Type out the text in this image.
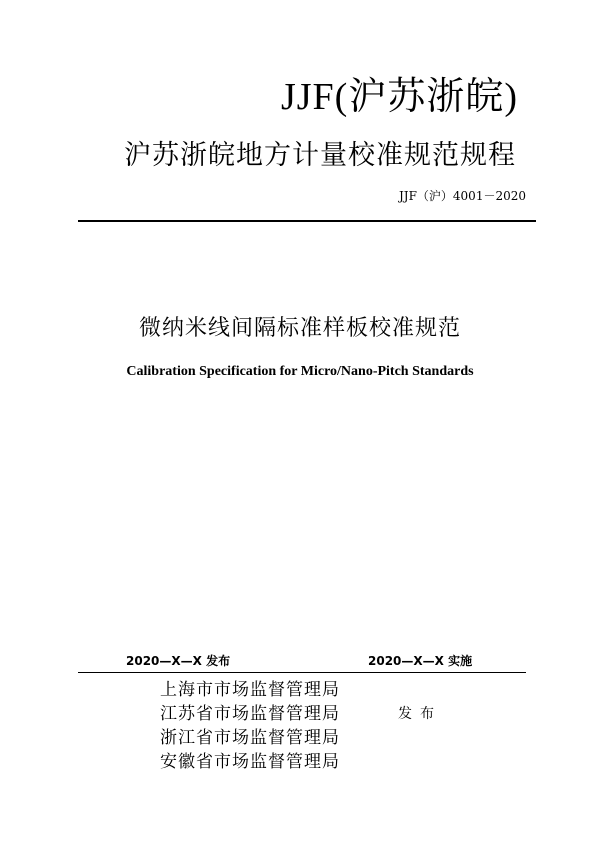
JJF(沪苏浙皖)
沪苏浙皖地方计量校准规范规程
JJF（沪）4001－2020
微纳米线间隔标准样板校准规范
Calibration Specification for Micro/Nano-Pitch Standards
2020—X—X 发布	2020—X—X 实施
上海市市场监督管理局
江苏省市场监督管理局
浙江省市场监督管理局
安徽省市场监督管理局
发布
